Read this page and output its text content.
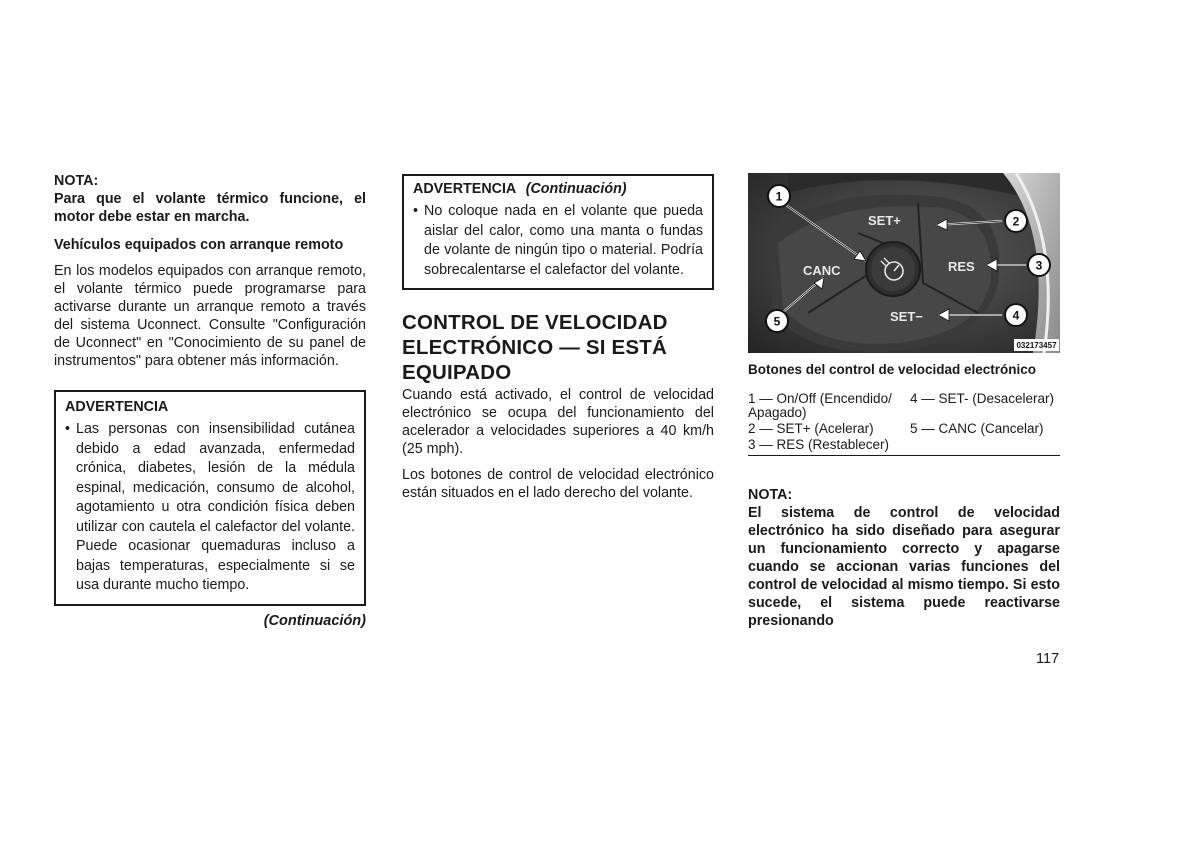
NOTA:

Para que el volante térmico funcione, el motor debe estar en marcha.

Vehículos equipados con arranque remoto

En los modelos equipados con arranque remoto, el volante térmico puede programarse para activarse durante un arranque remoto a través del sistema Uconnect. Consulte "Configuración de Uconnect" en "Conocimiento de su panel de instrumentos" para obtener más información.

ADVERTENCIA
• Las personas con insensibilidad cutánea debido a edad avanzada, enfermedad crónica, diabetes, lesión de la médula espinal, medicación, consumo de alcohol, agotamiento u otra condición física deben utilizar con cautela el calefactor del volante. Puede ocasionar quemaduras incluso a bajas temperaturas, especialmente si se usa durante mucho tiempo.
(Continuación)
ADVERTENCIA (Continuación)
• No coloque nada en el volante que pueda aislar del calor, como una manta o fundas de volante de ningún tipo o material. Podría sobrecalentarse el calefactor del volante.
CONTROL DE VELOCIDAD ELECTRÓNICO — SI ESTÁ EQUIPADO

Cuando está activado, el control de velocidad electrónico se ocupa del funcionamiento del acelerador a velocidades superiores a 40 km/h (25 mph).

Los botones de control de velocidad electrónico están situados en el lado derecho del volante.

SET+
RES
CANC
SET−
1
2
3
4
5
032173457
Botones del control de velocidad electrónico
1 — On/Off (Encendido/
Apagado)
2 — SET+ (Acelerar)
3 — RES (Restablecer)
4 — SET- (Desacelerar)
5 — CANC (Cancelar)

NOTA:

El sistema de control de velocidad electrónico ha sido diseñado para asegurar un funcionamiento correcto y apagarse cuando se accionan varias funciones del control de velocidad al mismo tiempo. Si esto sucede, el sistema puede reactivarse presionando

117
